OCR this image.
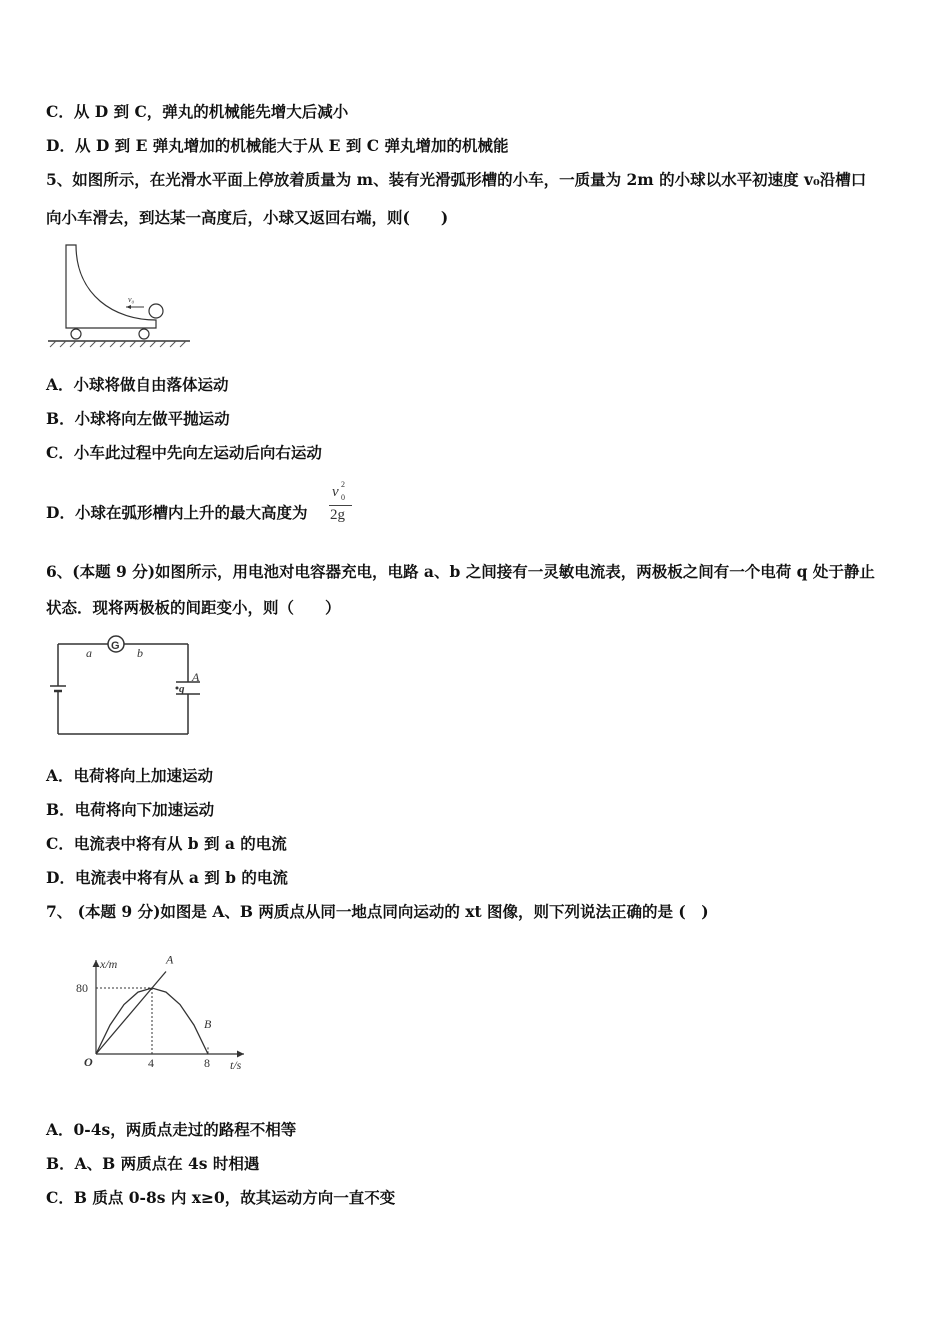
C．从 D 到 C，弹丸的机械能先增大后减小
D．从 D 到 E 弹丸增加的机械能大于从 E 到 C 弹丸增加的机械能
5、如图所示，在光滑水平面上停放着质量为 m、装有光滑弧形槽的小车，一质量为 2m 的小球以水平初速度 v₀沿槽口
向小车滑去，到达某一高度后，小球又返回右端，则(　　)
v₀
A．小球将做自由落体运动
B．小球将向左做平抛运动
C．小车此过程中先向左运动后向右运动
D．小球在弧形槽内上升的最大高度为
v 2
0
2g
6、(本题 9 分)如图所示，用电池对电容器充电，电路 a、b 之间接有一灵敏电流表，两极板之间有一个电荷 q 处于静止
状态．现将两极板的间距变小，则（　　）
G
a	b
q
A
A．电荷将向上加速运动
B．电荷将向下加速运动
C．电流表中将有从 b 到 a 的电流
D．电流表中将有从 a 到 b 的电流
7、 (本题 9 分)如图是 A、B 两质点从同一地点同向运动的 xt 图像，则下列说法正确的是 (　)
x/m
t/s
O
A
B
80
4	8
A．0-4s，两质点走过的路程不相等
B．A、B 两质点在 4s 时相遇
C．B 质点 0-8s 内 x≥0，故其运动方向一直不变
